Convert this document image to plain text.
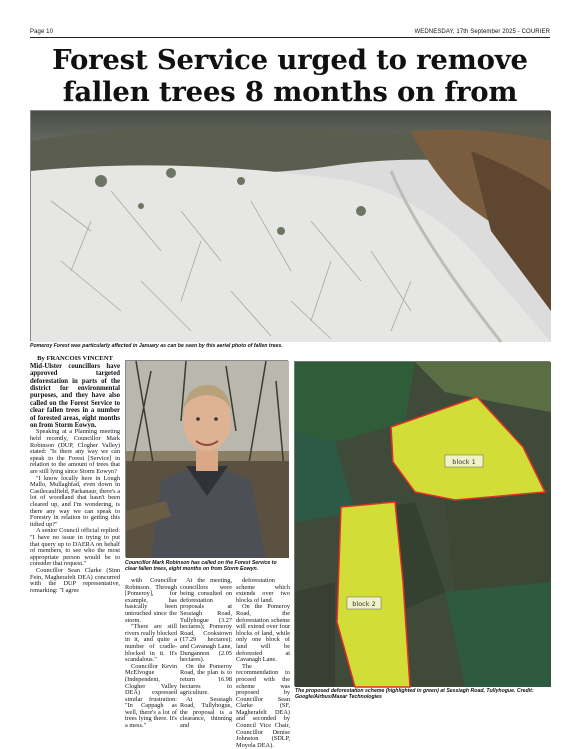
Page 10	WEDNESDAY, 17th September 2025 - COURIER
Forest Service urged to remove fallen trees 8 months on from
Pomeroy Forest was particularly affected in January as can be seen by this aerial photo of fallen trees.
By FRANCOIS VINCENT
Mid-Ulster councillors have approved targeted deforestation in parts of the district for environmental purposes, and they have also called on the Forest Service to clear fallen trees in a number of forested areas, eight months on from Storm Eowyn.

Speaking at a Planning meeting held recently, Councillor Mark Robinson (DUP, Clogher Valley) stated: "Is there any way we can speak to the Forest [Service] in relation to the amount of trees that are still lying since Storm Eowyn?

"I know locally here in Lough Mallo, Mullaghfad, even down in Castlecaulfield, Parkanaur, there's a lot of woodland that hasn't been cleared up, and I'm wondering, is there any way we can speak to Forestry in relation to getting this tidied up?"

A senior Council official replied: "I have no issue in trying to put that query up to DAERA on behalf of members, to see who the most appropriate person would be to consider that request."

Councillor Sean Clarke (Sinn Fein, Magherafelt DEA) concurred with the DUP representative, remarking: "I agree

Councillor Mark Robinson has called on the Forest Service to clear fallen trees, eight months on from Storm Eowyn.

with Councillor Robinson. Through [Pomeroy], for example, has basically been untouched since the storm.

"There are still rivers really blocked in it, and quite a number of cradle-blocked in it. It's scandalous."

Councillor Kevin McElvogue (Independent, Clogher Valley DEA) expressed similar frustration: "In Cappagh as well, there's a lot of trees lying there. It's a mess."

At the meeting, councillors were being consulted on deforestation proposals at Sessiagh Road, Tullyhogue (3.27 hectares); Pomeroy Road, Cookstown (17.29 hectares); and Cavanagh Lane, Dungannon (2.05 hectares).

On the Pomeroy Road, the plan is to return 16.98 hectares to agriculture.

At Sessiagh Road, Tullyhogue, the proposal is a clearance, thinning and

deforestation scheme which extends over two blocks of land.

On the Pomeroy Road, the deforestation scheme will extend over four blocks of land, while only one block of land will be deforested at Cavanagh Lane.

The recommendation to proceed with the scheme was proposed by Councillor Sean Clarke (SF, Magherafelt DEA) and seconded by Council Vice Chair, Councillor Denise Johnston (SDLP, Moyola DEA).

block 1
block 2
The proposed deforestation scheme (highlighted in green) at Sessiagh Road, Tullyhogue. Credit: Google/Airbus/Maxar Technologies
